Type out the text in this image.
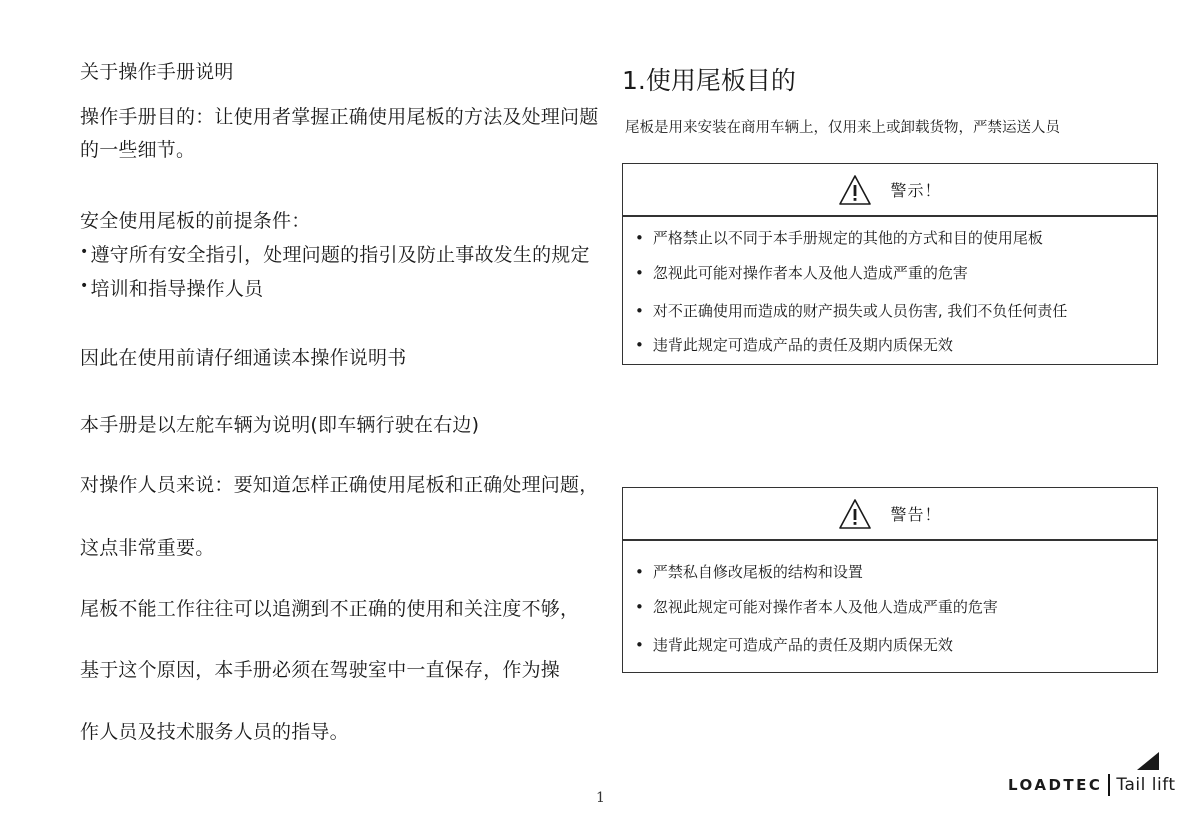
关于操作手册说明
操作手册目的：让使用者掌握正确使用尾板的方法及处理问题的一些细节。
安全使用尾板的前提条件：
• 遵守所有安全指引，处理问题的指引及防止事故发生的规定
• 培训和指导操作人员
因此在使用前请仔细通读本操作说明书
本手册是以左舵车辆为说明(即车辆行驶在右边)
对操作人员来说：要知道怎样正确使用尾板和正确处理问题，
这点非常重要。
尾板不能工作往往可以追溯到不正确的使用和关注度不够，
基于这个原因，本手册必须在驾驶室中一直保存，作为操
作人员及技术服务人员的指导。
1.使用尾板目的
尾板是用来安装在商用车辆上，仅用来上或卸载货物，严禁运送人员
警示！
• 严格禁止以不同于本手册规定的其他的方式和目的使用尾板
• 忽视此可能对操作者本人及他人造成严重的危害
• 对不正确使用而造成的财产损失或人员伤害, 我们不负任何责任
• 违背此规定可造成产品的责任及期内质保无效
警告！
• 严禁私自修改尾板的结构和设置
• 忽视此规定可能对操作者本人及他人造成严重的危害
• 违背此规定可造成产品的责任及期内质保无效
1
LOADTEC Tail lift
